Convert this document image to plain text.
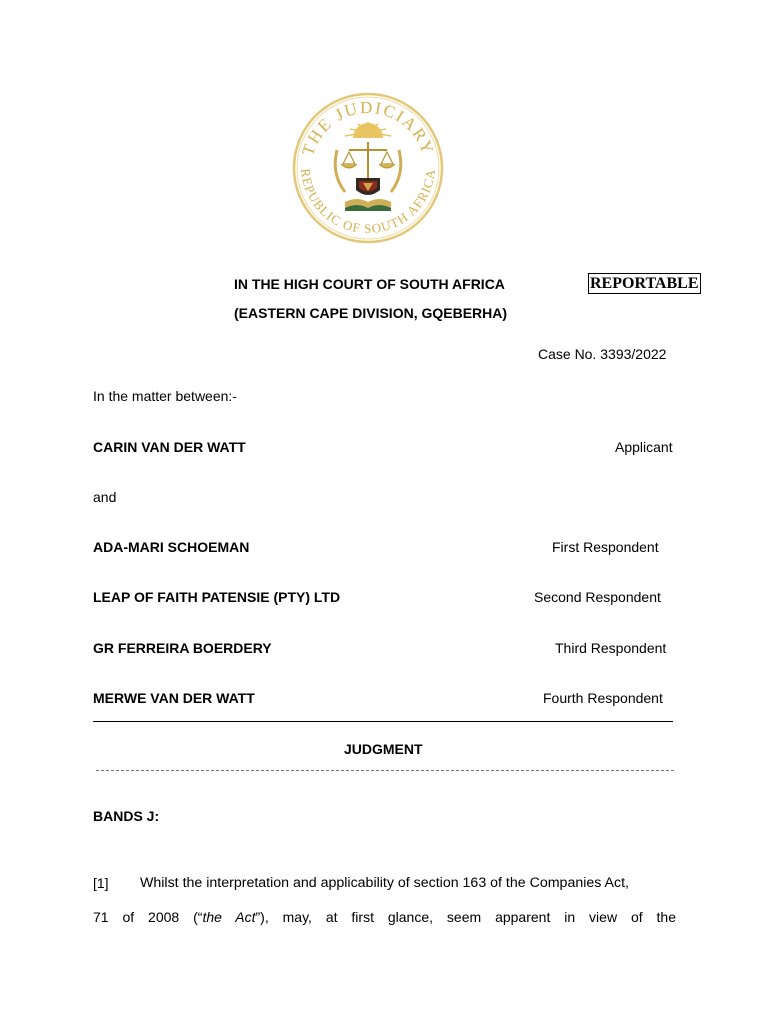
THE JUDICIARY
REPUBLIC OF SOUTH AFRICA
IN THE HIGH COURT OF SOUTH AFRICA	REPORTABLE
(EASTERN CAPE DIVISION, GQEBERHA)
Case No. 3393/2022
In the matter between:-
CARIN VAN DER WATT	Applicant
and
ADA-MARI SCHOEMAN	First Respondent
LEAP OF FAITH PATENSIE (PTY) LTD	Second Respondent
GR FERREIRA BOERDERY	Third Respondent
MERWE VAN DER WATT	Fourth Respondent
JUDGMENT
BANDS J:
[1] Whilst the interpretation and applicability of section 163 of the Companies Act,
71 of 2008 (“the Act”), may, at first glance, seem apparent in view of the
